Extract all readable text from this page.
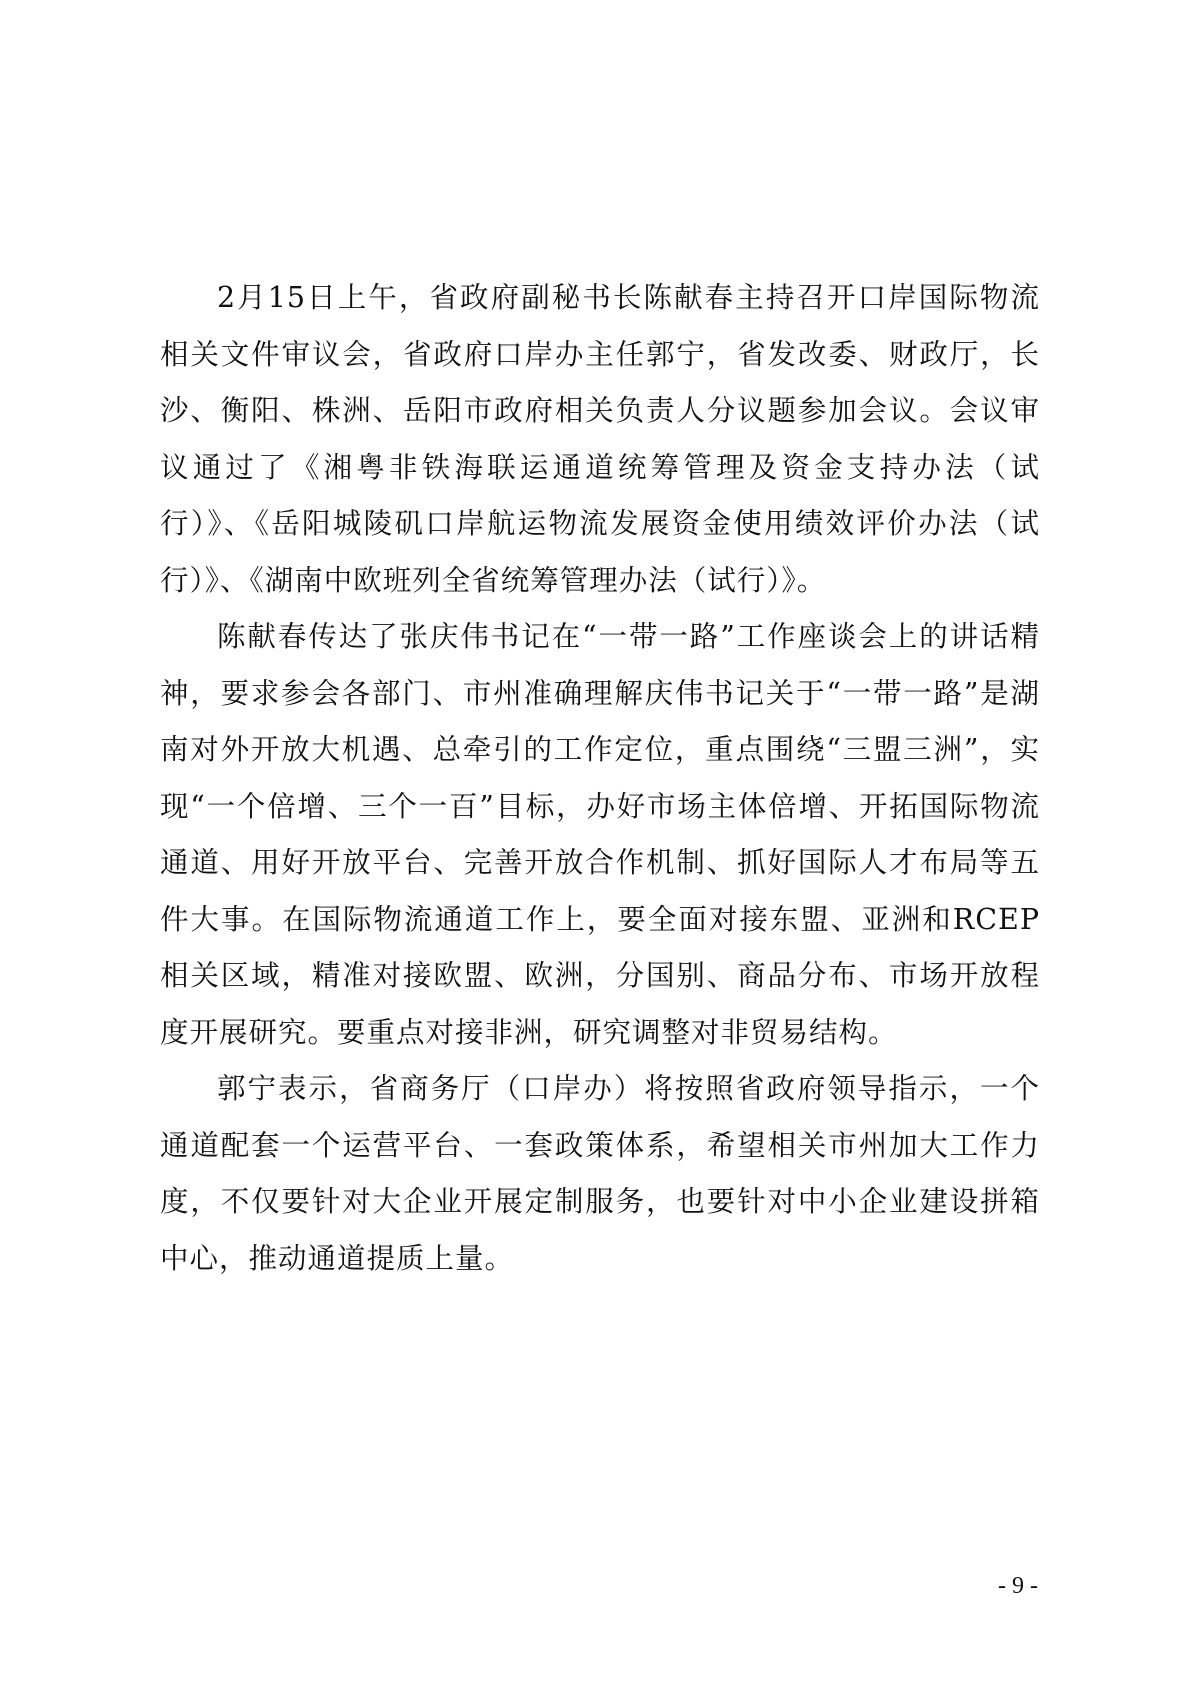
2月15日上午，省政府副秘书长陈献春主持召开口岸国际物流相关文件审议会，省政府口岸办主任郭宁，省发改委、财政厅，长沙、衡阳、株洲、岳阳市政府相关负责人分议题参加会议。会议审议通过了《湘粤非铁海联运通道统筹管理及资金支持办法（试行）》、《岳阳城陵矶口岸航运物流发展资金使用绩效评价办法（试行）》、《湖南中欧班列全省统筹管理办法（试行）》。

陈献春传达了张庆伟书记在“一带一路”工作座谈会上的讲话精神，要求参会各部门、市州准确理解庆伟书记关于“一带一路”是湖南对外开放大机遇、总牵引的工作定位，重点围绕“三盟三洲”，实现“一个倍增、三个一百”目标，办好市场主体倍增、开拓国际物流通道、用好开放平台、完善开放合作机制、抓好国际人才布局等五件大事。在国际物流通道工作上，要全面对接东盟、亚洲和RCEP相关区域，精准对接欧盟、欧洲，分国别、商品分布、市场开放程度开展研究。要重点对接非洲，研究调整对非贸易结构。

郭宁表示，省商务厅（口岸办）将按照省政府领导指示，一个通道配套一个运营平台、一套政策体系，希望相关市州加大工作力度，不仅要针对大企业开展定制服务，也要针对中小企业建设拼箱中心，推动通道提质上量。

- 9 -
